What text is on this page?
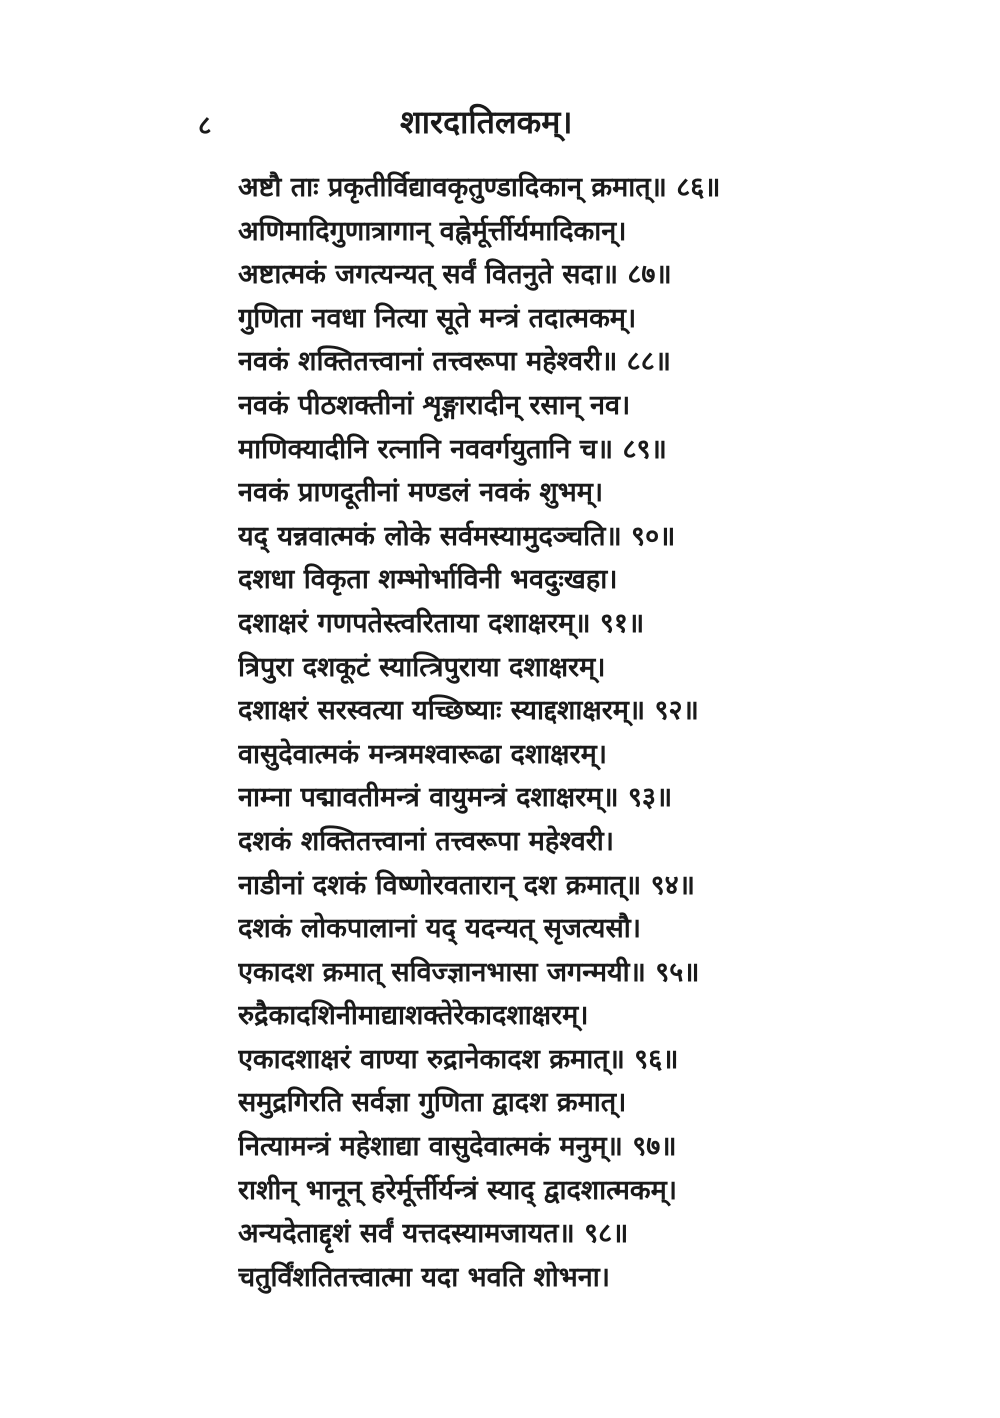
८	शारदातिलकम्।
अष्टौ ताः प्रकृतीर्विद्यावकृतुण्डादिकान् क्रमात्॥ ८६॥
अणिमादिगुणात्रागान् वह्नेर्मूर्त्तीर्यमादिकान्।
अष्टात्मकं जगत्यन्यत् सर्वं वितनुते सदा॥ ८७॥
गुणिता नवधा नित्या सूते मन्त्रं तदात्मकम्।
नवकं शक्तितत्त्वानां तत्त्वरूपा महेश्वरी॥ ८८॥
नवकं पीठशक्तीनां शृङ्गारादीन् रसान् नव।
माणिक्यादीनि रत्नानि नववर्गयुतानि च॥ ८९॥
नवकं प्राणदूतीनां मण्डलं नवकं शुभम्।
यद् यन्नवात्मकं लोके सर्वमस्यामुदञ्चति॥ ९०॥
दशधा विकृता शम्भोर्भाविनी भवदुःखहा।
दशाक्षरं गणपतेस्त्वरिताया दशाक्षरम्॥ ९१॥
त्रिपुरा दशकूटं स्यात्त्रिपुराया दशाक्षरम्।
दशाक्षरं सरस्वत्या यच्छिष्याः स्याद्दशाक्षरम्॥ ९२॥
वासुदेवात्मकं मन्त्रमश्वारूढा दशाक्षरम्।
नाम्ना पद्मावतीमन्त्रं वायुमन्त्रं दशाक्षरम्॥ ९३॥
दशकं शक्तितत्त्वानां तत्त्वरूपा महेश्वरी।
नाडीनां दशकं विष्णोरवतारान् दश क्रमात्॥ ९४॥
दशकं लोकपालानां यद् यदन्यत् सृजत्यसौ।
एकादश क्रमात् सविज्ज्ञानभासा जगन्मयी॥ ९५॥
रुद्रैकादशिनीमाद्याशक्तेरेकादशाक्षरम्।
एकादशाक्षरं वाण्या रुद्रानेकादश क्रमात्॥ ९६॥
समुद्रगिरति सर्वज्ञा गुणिता द्वादश क्रमात्।
नित्यामन्त्रं महेशाद्या वासुदेवात्मकं मनुम्॥ ९७॥
राशीन् भानून् हरेर्मूर्त्तीर्यन्त्रं स्याद् द्वादशात्मकम्।
अन्यदेताद्दृशं सर्वं यत्तदस्यामजायत॥ ९८॥
चतुर्विंशतितत्त्वात्मा यदा भवति शोभना।
